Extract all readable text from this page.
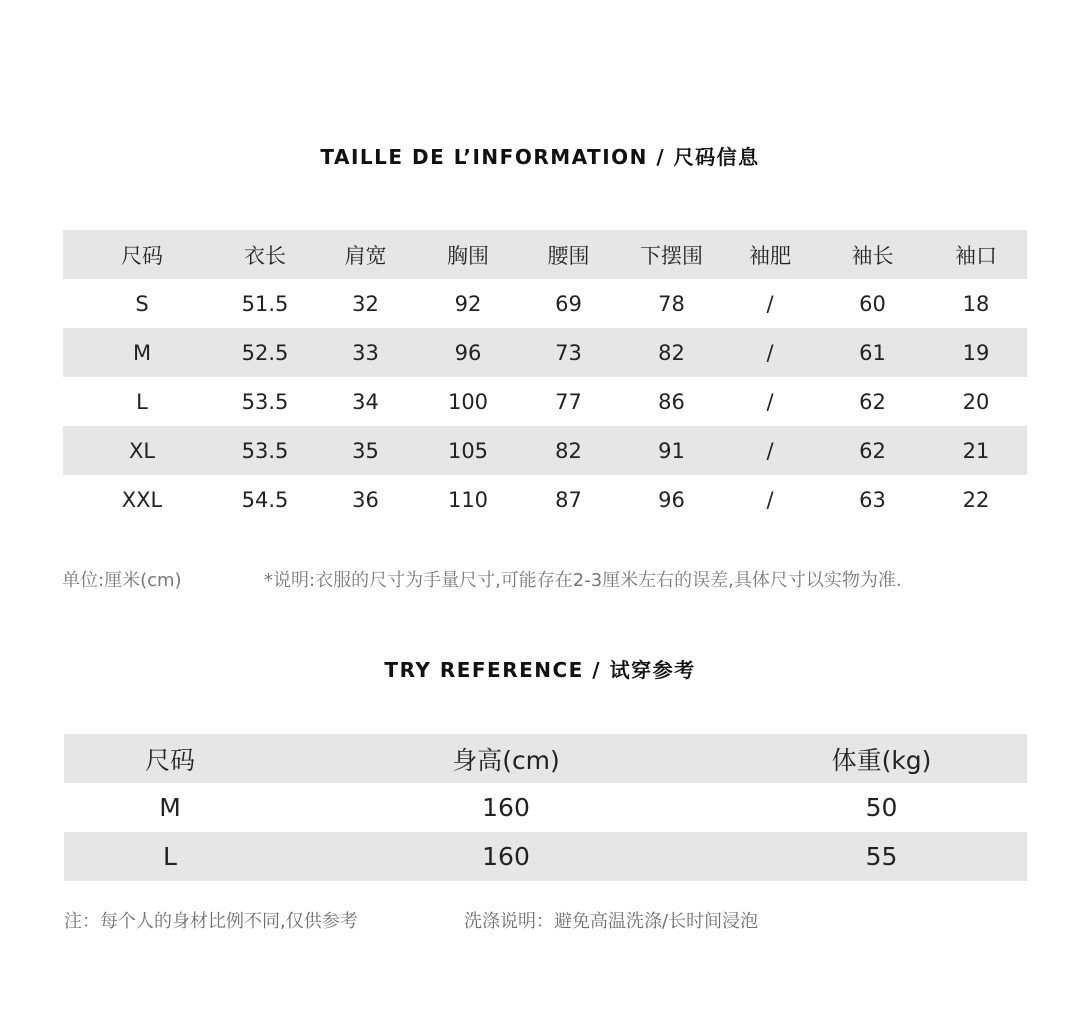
TAILLE DE L’INFORMATION / 尺码信息
尺码	衣长	肩宽	胸围	腰围	下摆围	袖肥	袖长	袖口
S	51.5	32	92	69	78	/	60	18
M	52.5	33	96	73	82	/	61	19
L	53.5	34	100	77	86	/	62	20
XL	53.5	35	105	82	91	/	62	21
XXL	54.5	36	110	87	96	/	63	22
单位:厘米(cm)	*说明:衣服的尺寸为手量尺寸,可能存在2-3厘米左右的误差,具体尺寸以实物为准.
TRY REFERENCE / 试穿参考
尺码	身高(cm)	体重(kg)
M	160	50
L	160	55
注：每个人的身材比例不同,仅供参考	洗涤说明：避免高温洗涤/长时间浸泡
